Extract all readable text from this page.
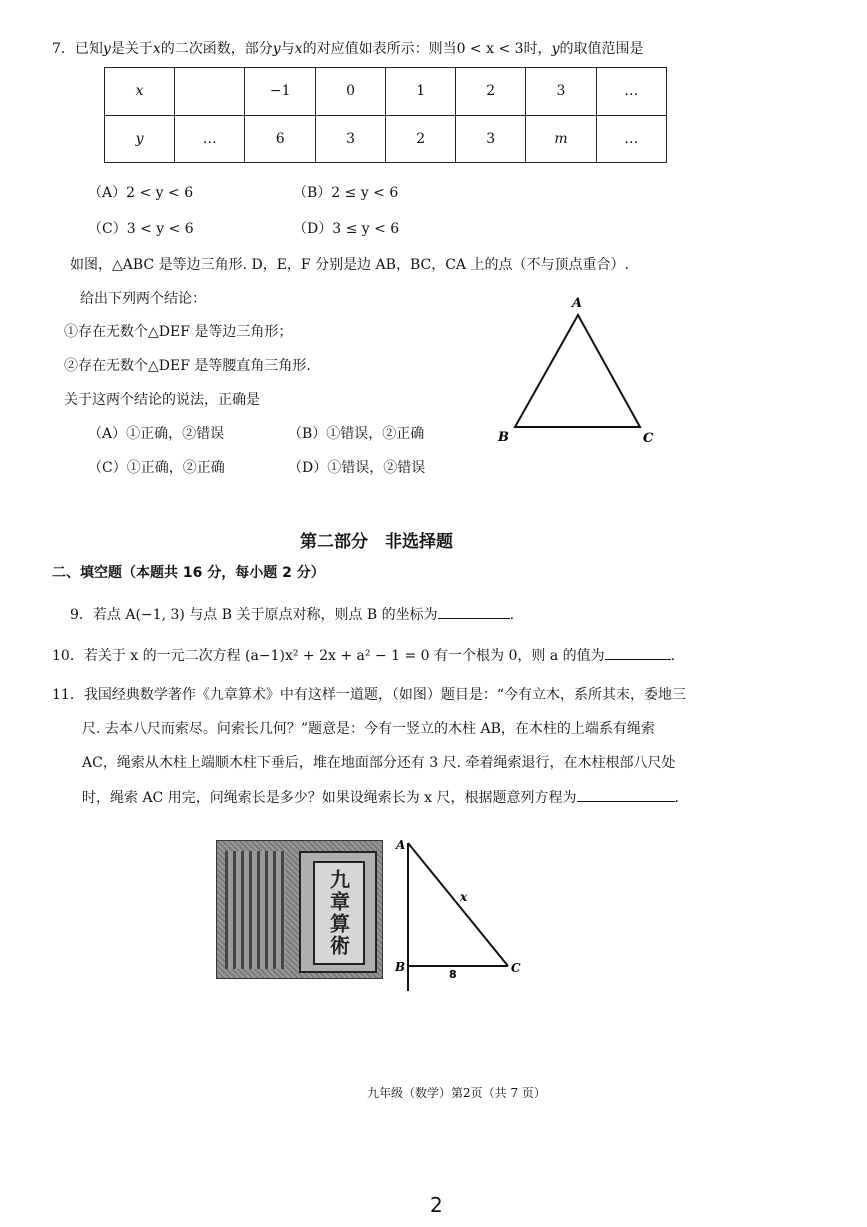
7．已知y是关于x的二次函数，部分y与x的对应值如表所示：则当0 < x < 3时，y的取值范围是
x		−1	0	1	2	3	…
y	…	6	3	2	3	m	…
（A）2 < y < 6	（B）2 ≤ y < 6
（C）3 < y < 6	（D）3 ≤ y < 6
如图，△ABC 是等边三角形. D，E，F 分别是边 AB，BC，CA 上的点（不与顶点重合）.
给出下列两个结论：
①存在无数个△DEF 是等边三角形；
②存在无数个△DEF 是等腰直角三角形.
关于这两个结论的说法，正确是
（A）①正确，②错误	（B）①错误，②正确
（C）①正确，②正确	（D）①错误，②错误
A
B	C
第二部分　非选择题
二、填空题（本题共 16 分，每小题 2 分）
9．若点 A(−1, 3) 与点 B 关于原点对称，则点 B 的坐标为	.
10．若关于 x 的一元二次方程 (a−1)x² + 2x + a² − 1 = 0 有一个根为 0，则 a 的值为	.
11．我国经典数学著作《九章算术》中有这样一道题，（如图）题目是：“今有立木，系所其末，委地三
尺. 去本八尺而索尽。问索长几何？”题意是：今有一竖立的木柱 AB，在木柱的上端系有绳索
AC，绳索从木柱上端顺木柱下垂后，堆在地面部分还有 3 尺. 牵着绳索退行，在木柱根部八尺处
时，绳索 AC 用完，问绳索长是多少？如果设绳索长为 x 尺，根据题意列方程为	.
九章算術
A
B	C
x
8
九年级（数学）第2页（共 7 页）
2
